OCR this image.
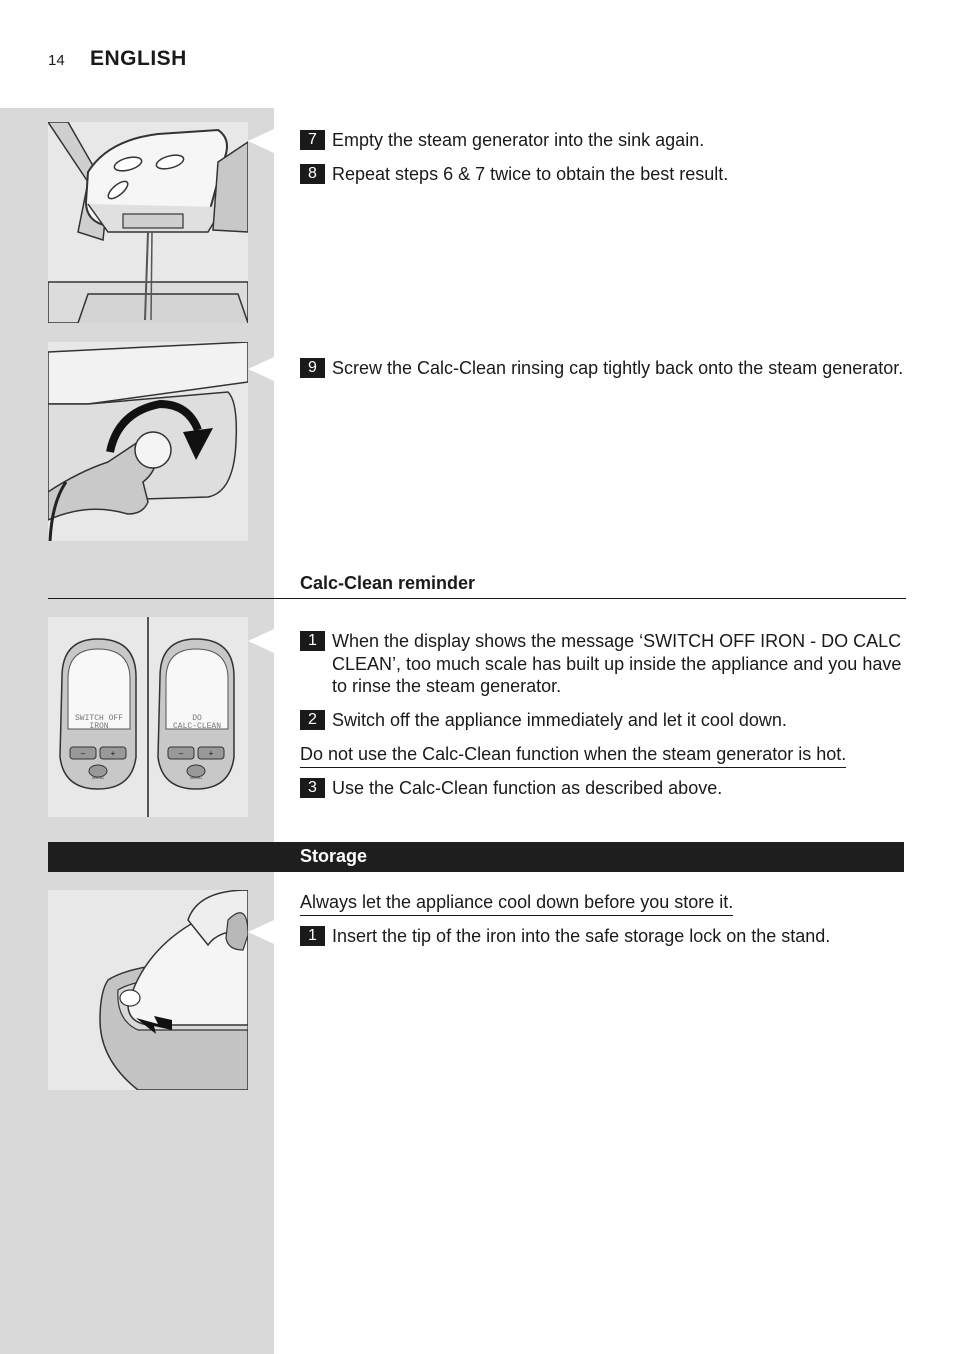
14 ENGLISH
7 Empty the steam generator into the sink again.
8 Repeat steps 6 & 7 twice to obtain the best result.
9 Screw the Calc-Clean rinsing cap tightly back onto the steam generator.
Calc-Clean reminder
SWITCH OFF
IRON
–	+
MENU
DO
CALC-CLEAN
–	+
MENU
1 When the display shows the message ‘SWITCH OFF IRON - DO CALC CLEAN’, too much scale has built up inside the appliance and you have to rinse the steam generator.
2 Switch off the appliance immediately and let it cool down.
Do not use the Calc-Clean function when the steam generator is hot.
3 Use the Calc-Clean function as described above.
Storage
Always let the appliance cool down before you store it.
1 Insert the tip of the iron into the safe storage lock on the stand.
